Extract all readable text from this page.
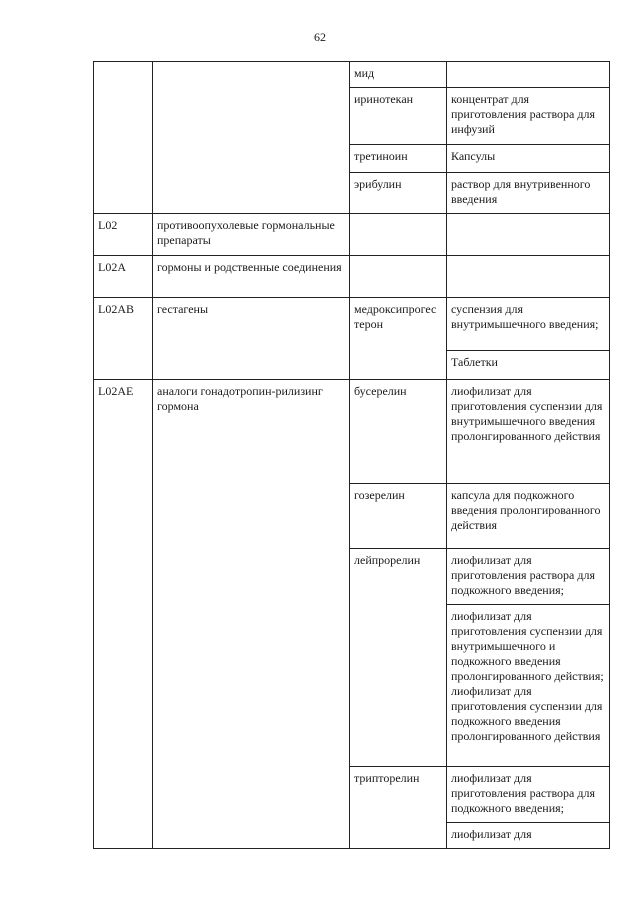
62
		мид	
		иринотекан	концентрат для приготовления раствора для инфузий
		третиноин	Капсулы
		эрибулин	раствор для внутривенного введения
L02	противоопухолевые гормональные препараты		
L02A	гормоны и родственные соединения		
L02AB	гестагены	медроксипрогес терон	суспензия для внутримышечного введения;
			Таблетки
L02AE	аналоги гонадотропин-рилизинг гормона	бусерелин	лиофилизат для приготовления суспензии для внутримышечного введения пролонгированного действия
		гозерелин	капсула для подкожного введения пролонгированного действия
		лейпрорелин	лиофилизат для приготовления раствора для подкожного введения;
			лиофилизат для приготовления суспензии для внутримышечного и подкожного введения пролонгированного действия; лиофилизат для приготовления суспензии для подкожного введения пролонгированного действия
		трипторелин	лиофилизат для приготовления раствора для подкожного введения;
			лиофилизат для
